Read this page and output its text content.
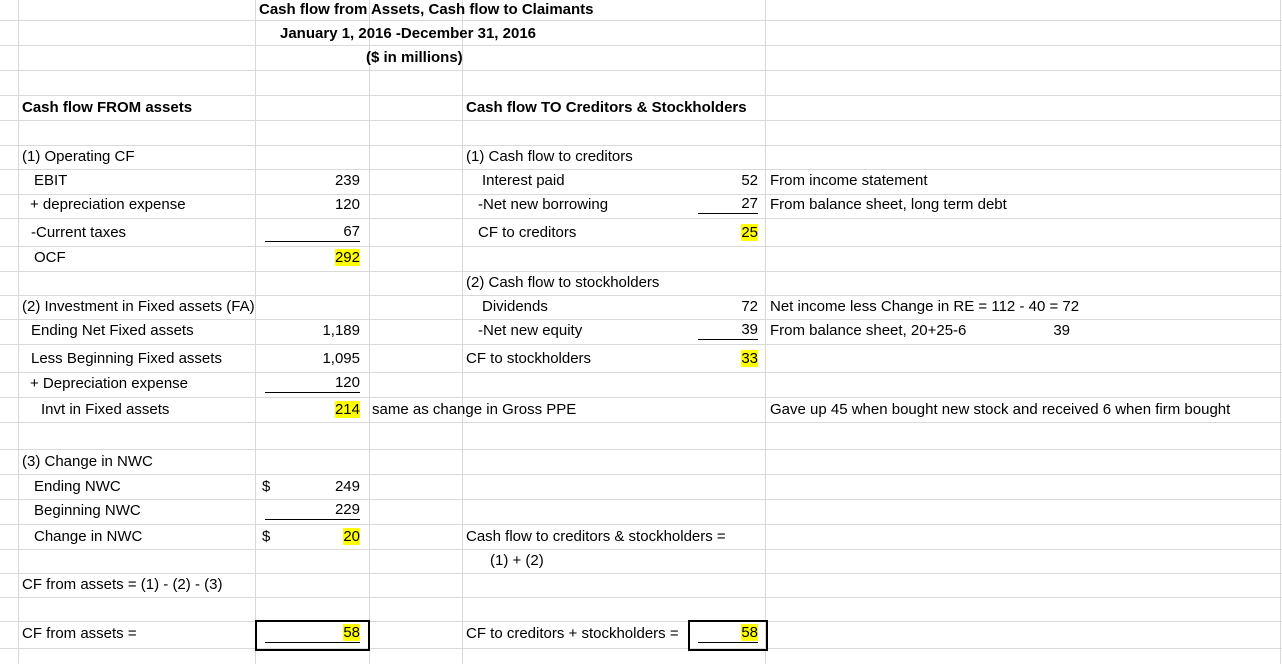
Cash flow from Assets, Cash flow to Claimants
January 1, 2016 -December 31, 2016
($ in millions)
Cash flow FROM assets
(1) Operating CF
EBIT	239
+ depreciation expense	120
-Current taxes	67
OCF	292
(2) Investment in Fixed assets (FA)
Ending Net Fixed assets	1,189
Less Beginning Fixed assets	1,095
+ Depreciation expense	120
Invt in Fixed assets	214 same as change in Gross PPE
(3) Change in NWC
Ending NWC	$	249
Beginning NWC	229
Change in NWC	$	20
CF from assets = (1) - (2) - (3)
CF from assets =	58
Cash flow TO Creditors & Stockholders
(1) Cash flow to creditors
Interest paid	52 From income statement
-Net new borrowing	27 From balance sheet, long term debt
CF to creditors	25
(2) Cash flow to stockholders
Dividends	72 Net income less Change in RE = 112 - 40 = 72
-Net new equity	39 From balance sheet, 20+25-6	39
CF to stockholders	33
Gave up 45 when bought new stock and received 6 when firm bought
Cash flow to creditors & stockholders =
(1) + (2)
CF to creditors + stockholders =	58
